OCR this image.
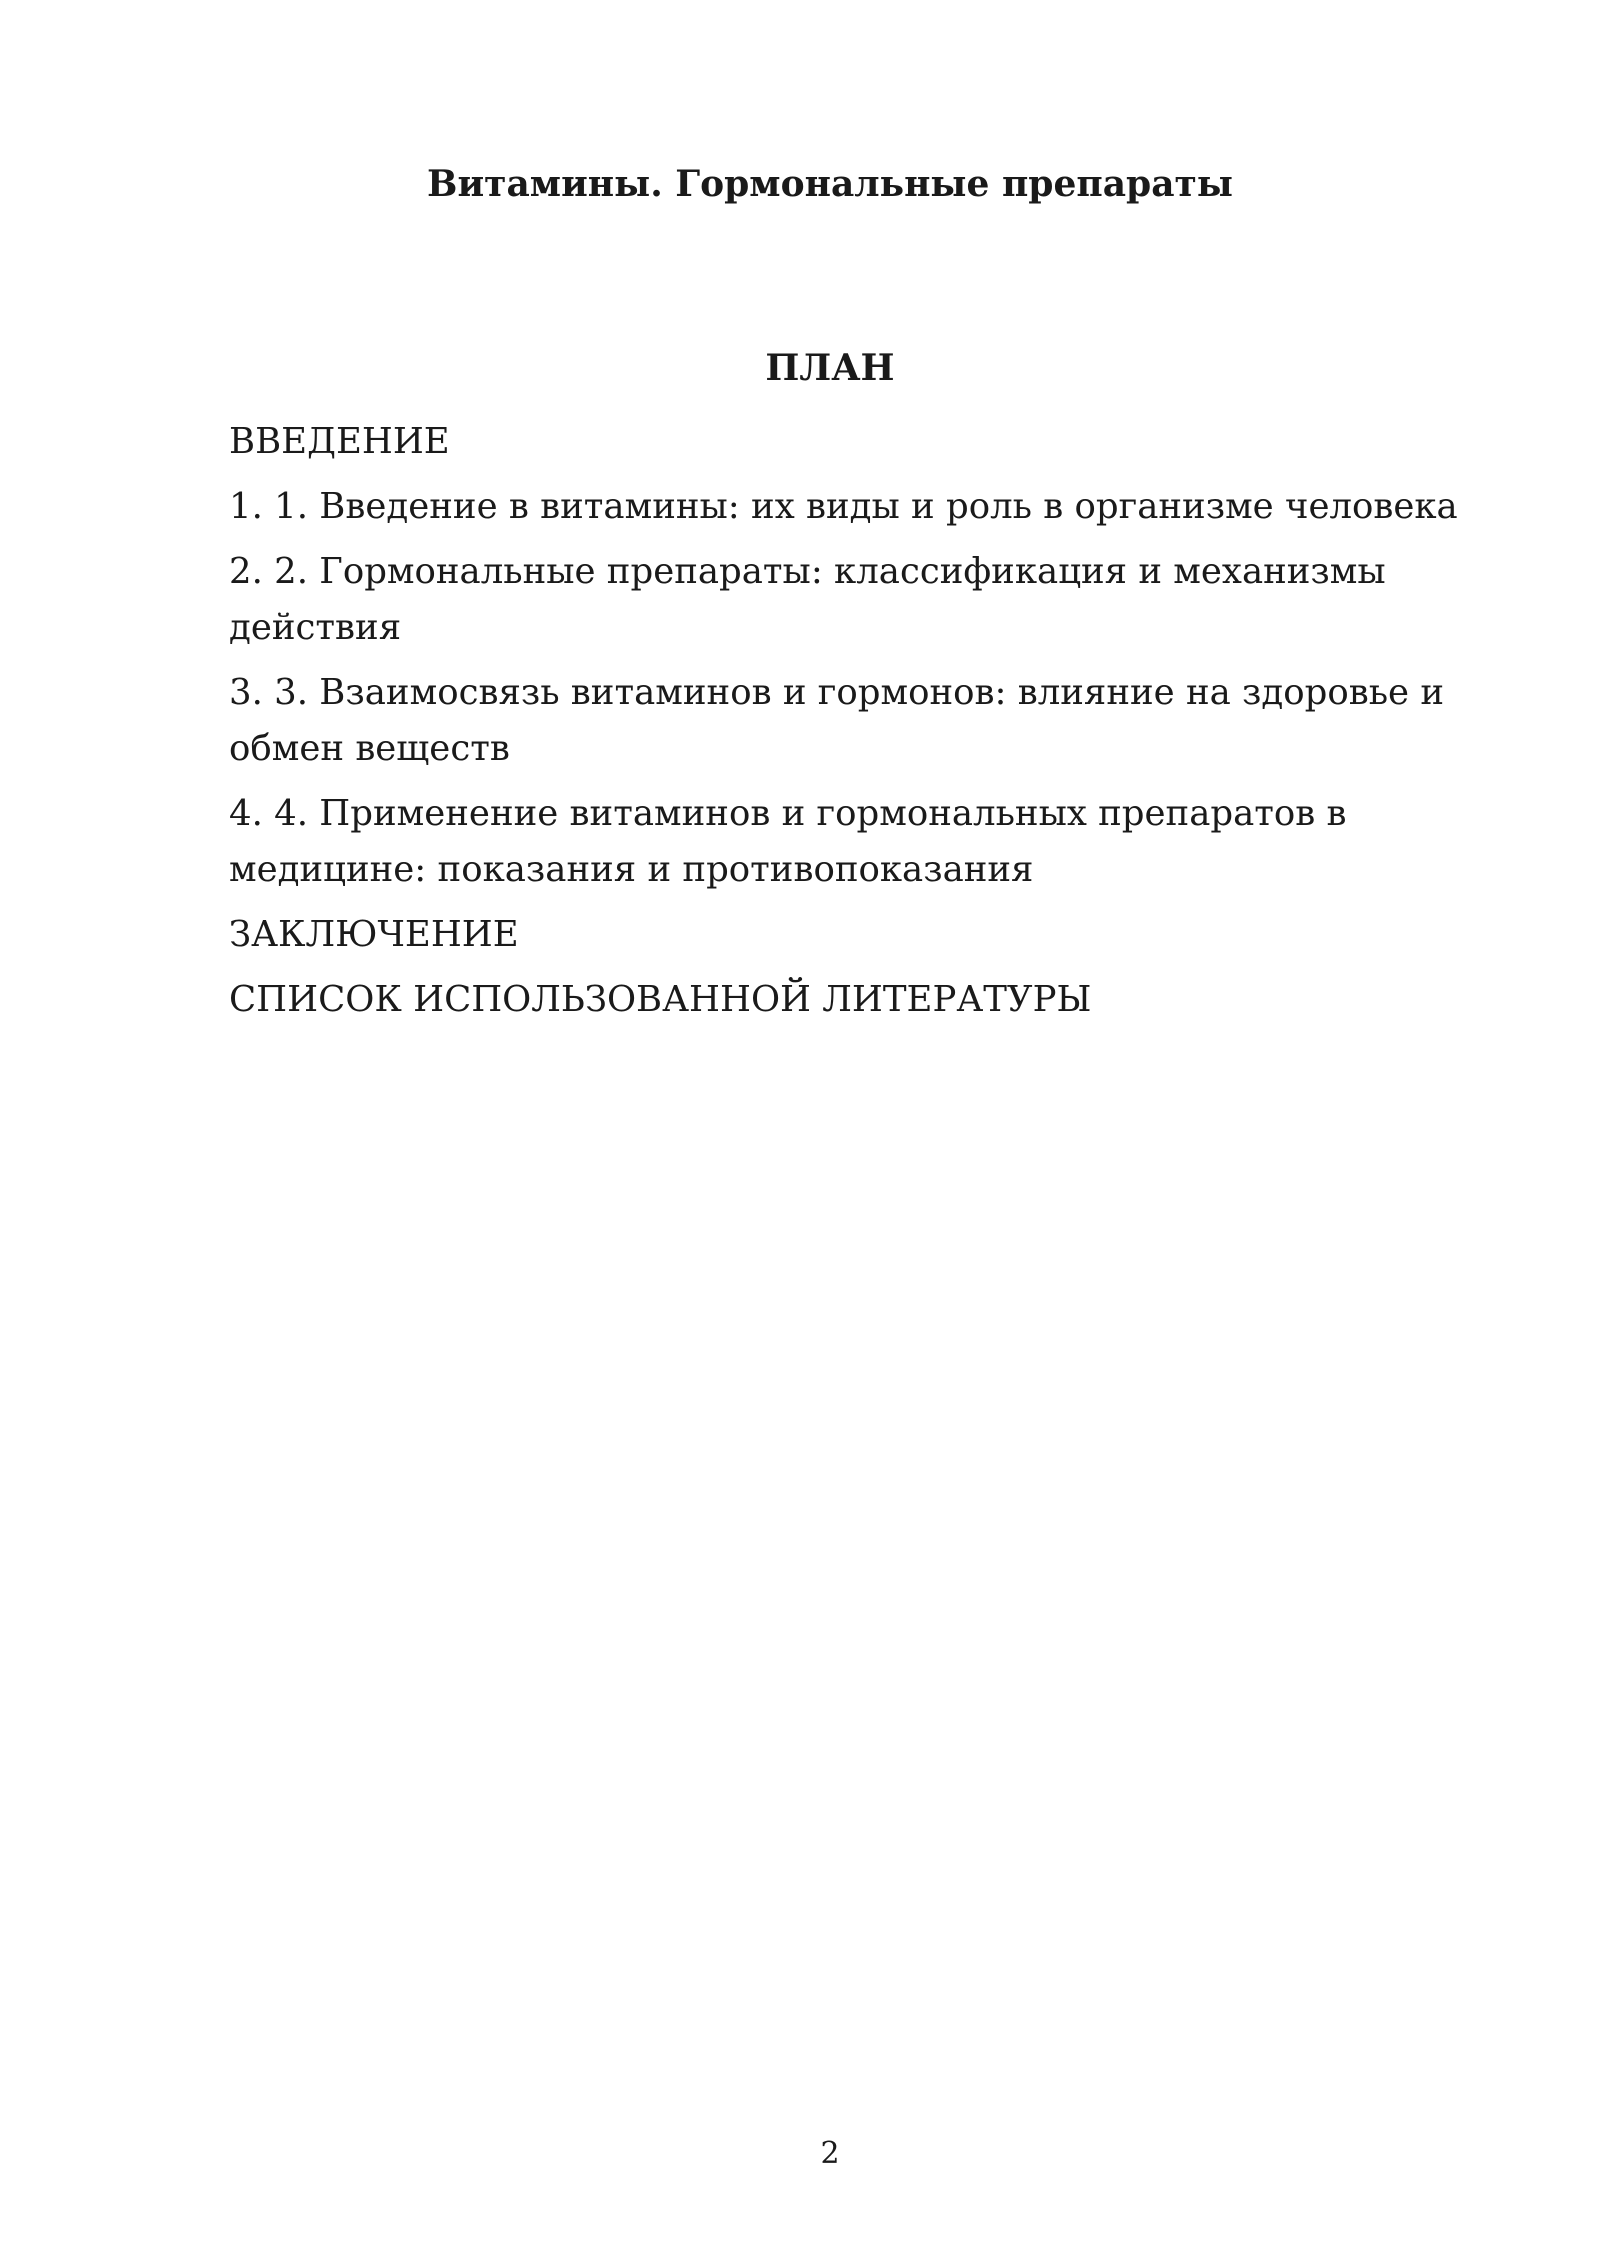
Витамины. Гормональные препараты
ПЛАН
ВВЕДЕНИЕ
1. 1. Введение в витамины: их виды и роль в организме человека
2. 2. Гормональные препараты: классификация и механизмы действия
3. 3. Взаимосвязь витаминов и гормонов: влияние на здоровье и обмен веществ
4. 4. Применение витаминов и гормональных препаратов в медицине: показания и противопоказания
ЗАКЛЮЧЕНИЕ
СПИСОК ИСПОЛЬЗОВАННОЙ ЛИТЕРАТУРЫ
2
